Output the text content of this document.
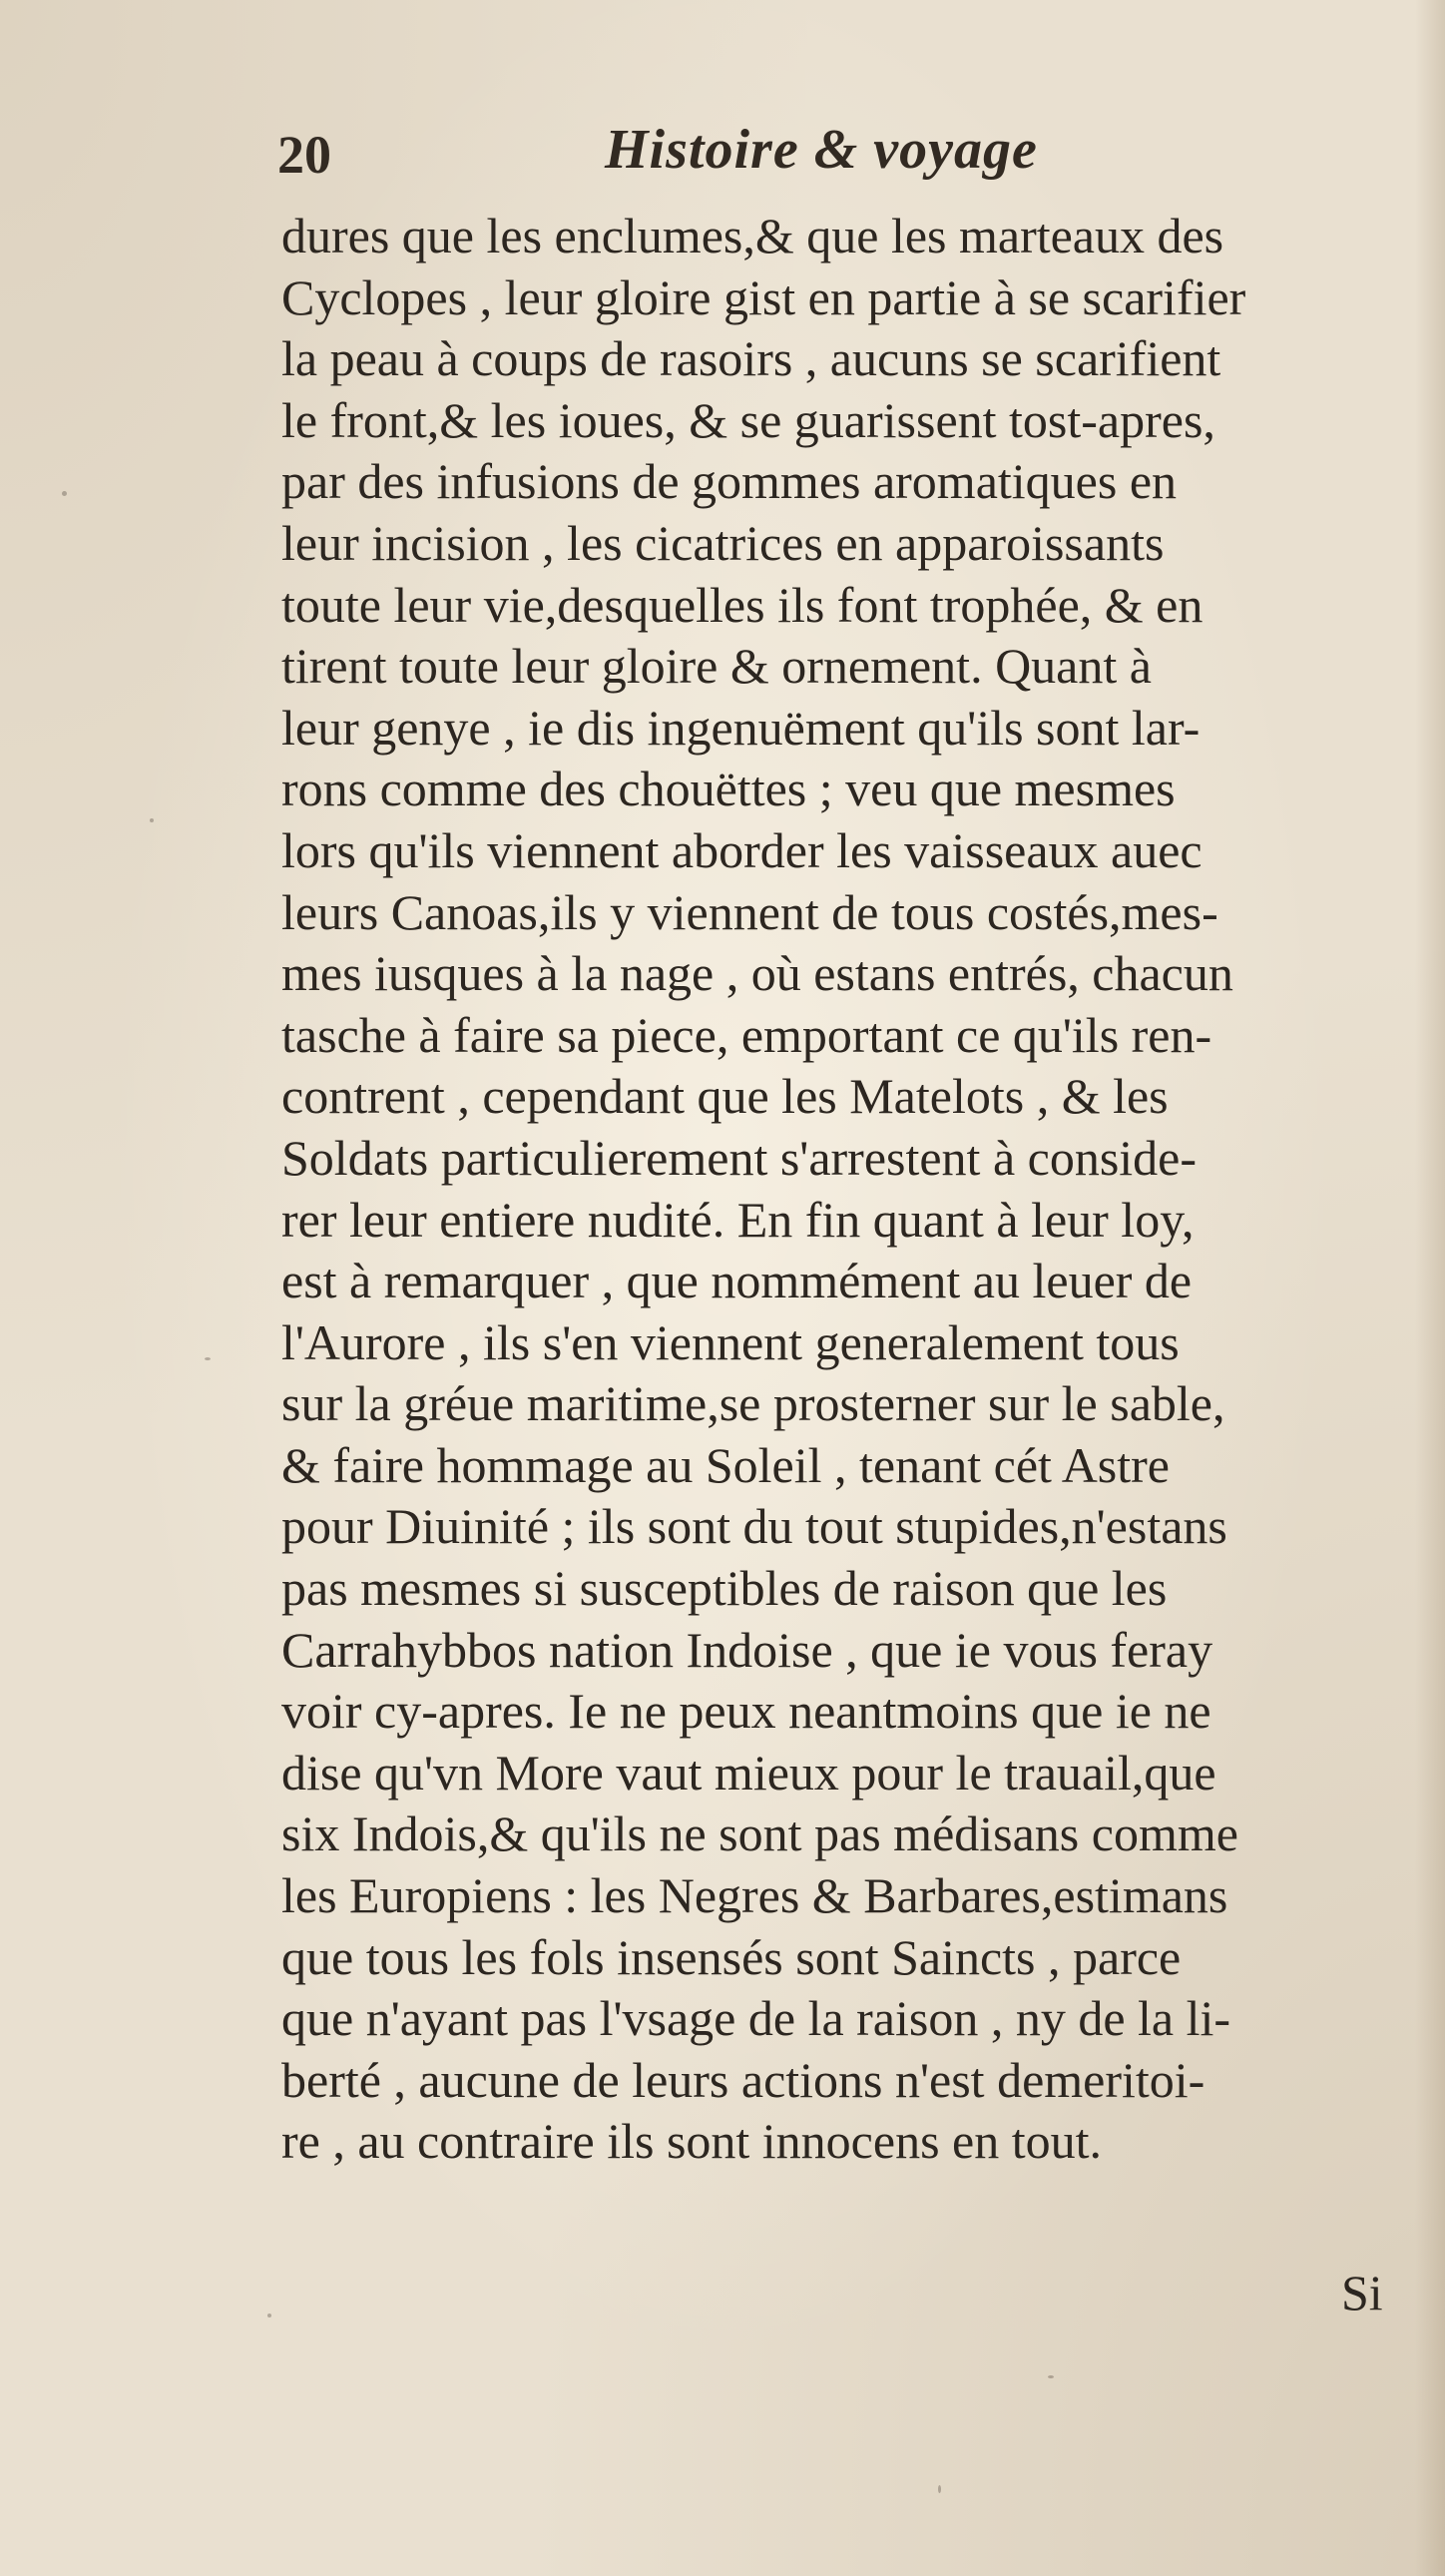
20	Histoire & voyage
dures que les enclumes,& que les marteaux des
Cyclopes , leur gloire gist en partie à se scarifier
la peau à coups de rasoirs , aucuns se scarifient
le front,& les ioues, & se guarissent tost-apres,
par des infusions de gommes aromatiques en
leur incision , les cicatrices en apparoissants
toute leur vie,desquelles ils font trophée, & en
tirent toute leur gloire & ornement. Quant à
leur genye , ie dis ingenuëment qu'ils sont lar-
rons comme des chouëttes ; veu que mesmes
lors qu'ils viennent aborder les vaisseaux auec
leurs Canoas,ils y viennent de tous costés,mes-
mes iusques à la nage , où estans entrés, chacun
tasche à faire sa piece, emportant ce qu'ils ren-
contrent , cependant que les Matelots , & les
Soldats particulierement s'arrestent à conside-
rer leur entiere nudité. En fin quant à leur loy,
est à remarquer , que nommément au leuer de
l'Aurore , ils s'en viennent generalement tous
sur la gréue maritime,se prosterner sur le sable,
& faire hommage au Soleil , tenant cét Astre
pour Diuinité ; ils sont du tout stupides,n'estans
pas mesmes si susceptibles de raison que les
Carrahybbos nation Indoise , que ie vous feray
voir cy-apres. Ie ne peux neantmoins que ie ne
dise qu'vn More vaut mieux pour le trauail,que
six Indois,& qu'ils ne sont pas médisans comme
les Europiens : les Negres & Barbares,estimans
que tous les fols insensés sont Saincts , parce
que n'ayant pas l'vsage de la raison , ny de la li-
berté , aucune de leurs actions n'est demeritoi-
re , au contraire ils sont innocens en tout.
Si
